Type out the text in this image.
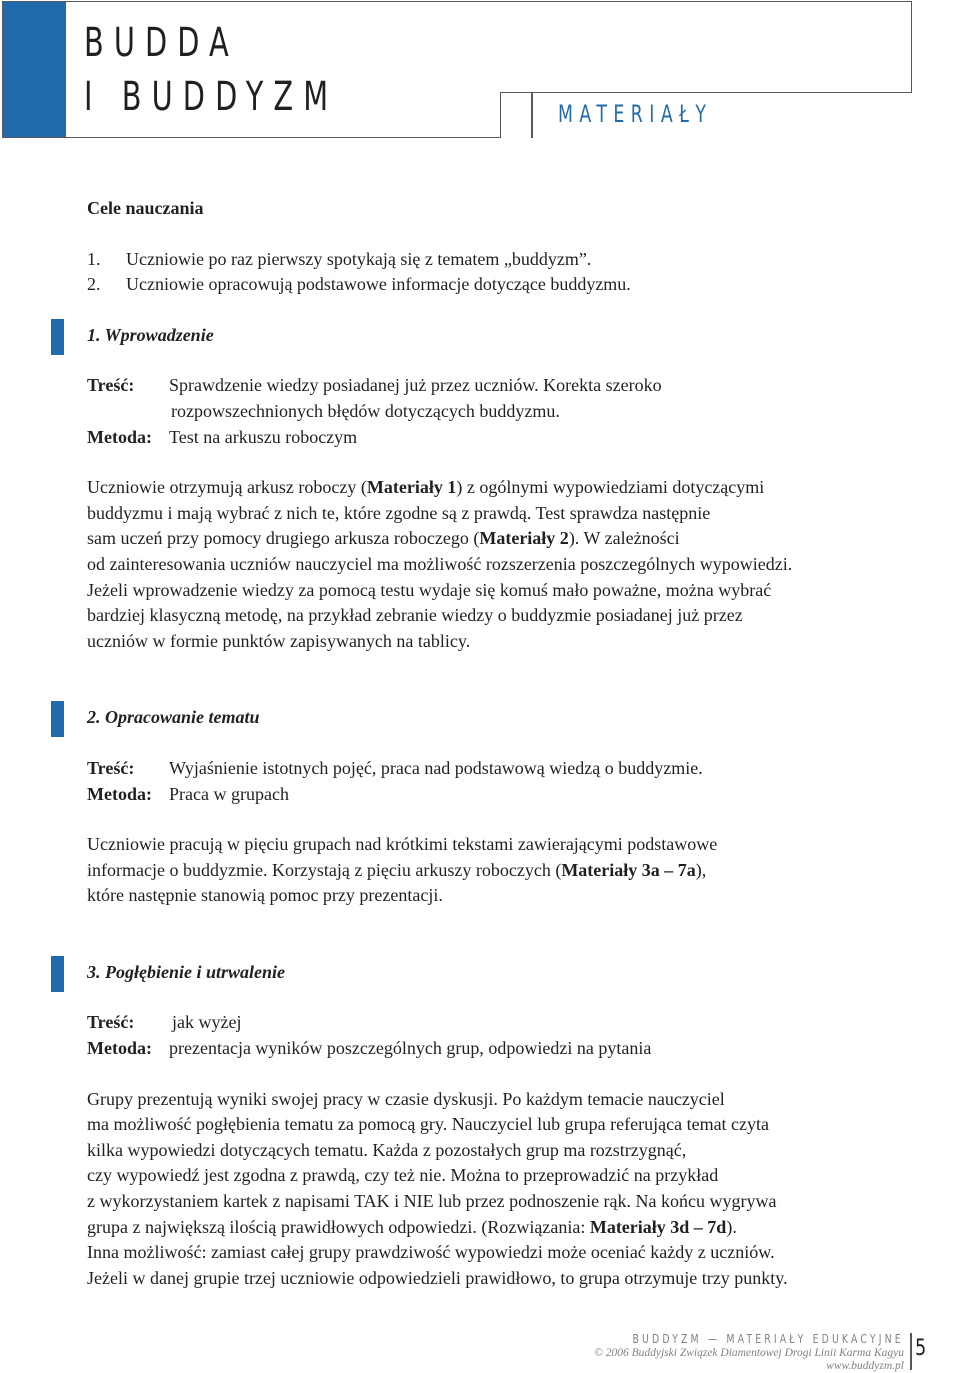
BUDDA
I BUDDYZM	MATERIAŁY

Cele nauczania

1.	Uczniowie po raz pierwszy spotykają się z tematem „buddyzm”.
2.	Uczniowie opracowują podstawowe informacje dotyczące buddyzmu.
1. Wprowadzenie
Treść:	Sprawdzenie wiedzy posiadanej już przez uczniów. Korekta szeroko
rozpowszechnionych błędów dotyczących buddyzmu.
Metoda: Test na arkuszu roboczym

Uczniowie otrzymują arkusz roboczy (Materiały 1) z ogólnymi wypowiedziami dotyczącymi

buddyzmu i mają wybrać z nich te, które zgodne są z prawdą. Test sprawdza następnie

sam uczeń przy pomocy drugiego arkusza roboczego (Materiały 2). W zależności

od zainteresowania uczniów nauczyciel ma możliwość rozszerzenia poszczególnych wypowiedzi.

Jeżeli wprowadzenie wiedzy za pomocą testu wydaje się komuś mało poważne, można wybrać

bardziej klasyczną metodę, na przykład zebranie wiedzy o buddyzmie posiadanej już przez

uczniów w formie punktów zapisywanych na tablicy.

2. Opracowanie tematu
Treść:	Wyjaśnienie istotnych pojęć, praca nad podstawową wiedzą o buddyzmie.
Metoda: Praca w grupach

Uczniowie pracują w pięciu grupach nad krótkimi tekstami zawierającymi podstawowe

informacje o buddyzmie. Korzystają z pięciu arkuszy roboczych (Materiały 3a – 7a),

które następnie stanowią pomoc przy prezentacji.

3. Pogłębienie i utrwalenie
Treść:	jak wyżej
Metoda: prezentacja wyników poszczególnych grup, odpowiedzi na pytania

Grupy prezentują wyniki swojej pracy w czasie dyskusji. Po każdym temacie nauczyciel

ma możliwość pogłębienia tematu za pomocą gry. Nauczyciel lub grupa referująca temat czyta

kilka wypowiedzi dotyczących tematu. Każda z pozostałych grup ma rozstrzygnąć,

czy wypowiedź jest zgodna z prawdą, czy też nie. Można to przeprowadzić na przykład

z wykorzystaniem kartek z napisami TAK i NIE lub przez podnoszenie rąk. Na końcu wygrywa

grupa z największą ilością prawidłowych odpowiedzi. (Rozwiązania: Materiały 3d – 7d).

Inna możliwość: zamiast całej grupy prawdziwość wypowiedzi może oceniać każdy z uczniów.

Jeżeli w danej grupie trzej uczniowie odpowiedzieli prawidłowo, to grupa otrzymuje trzy punkty.

BUDDYZM — MATERIAŁY EDUKACYJNE
© 2006 Buddyjski Związek Diamentowej Drogi Linii Karma Kagyu
www.buddyzm.pl
5
